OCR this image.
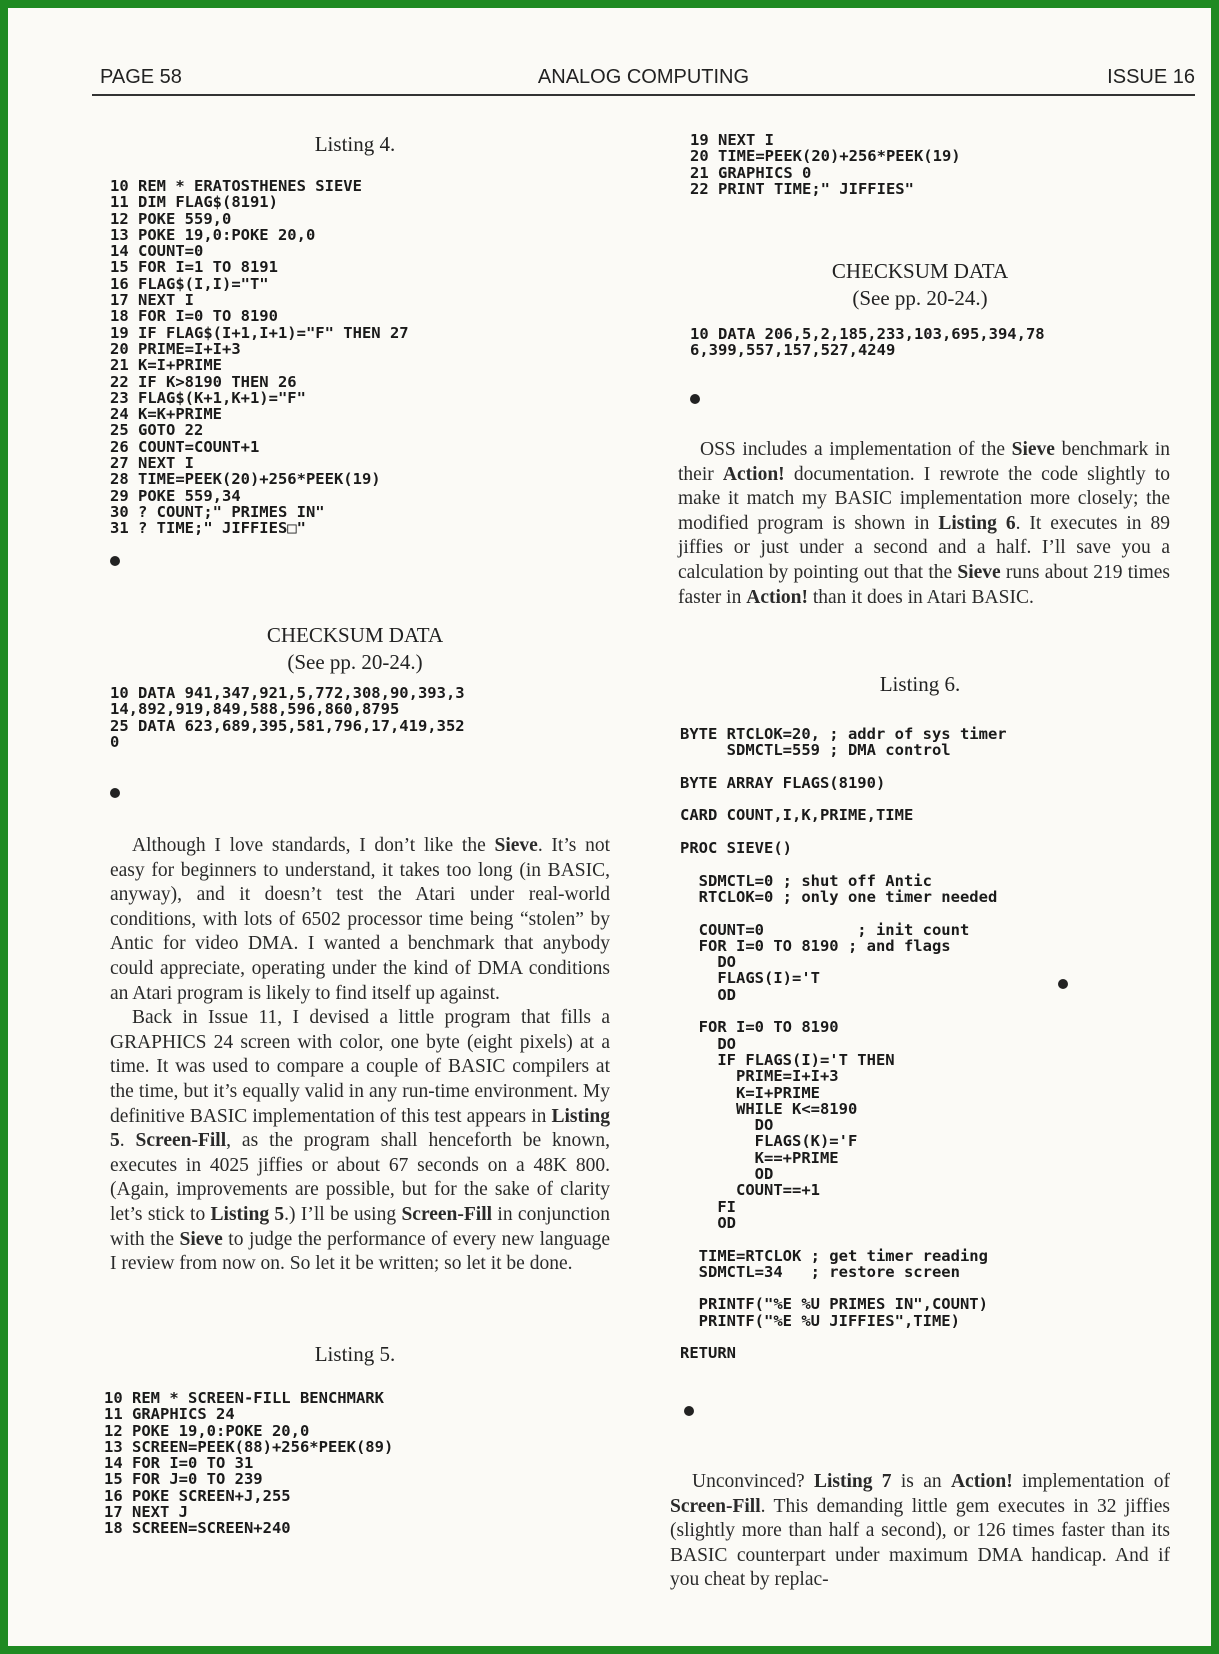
PAGE 58	ANALOG COMPUTING	ISSUE 16

Listing 4.

10 REM * ERATOSTHENES SIEVE
11 DIM FLAG$(8191)
12 POKE 559,0
13 POKE 19,0:POKE 20,0
14 COUNT=0
15 FOR I=1 TO 8191
16 FLAG$(I,I)="T"
17 NEXT I
18 FOR I=0 TO 8190
19 IF FLAG$(I+1,I+1)="F" THEN 27
20 PRIME=I+I+3
21 K=I+PRIME
22 IF K>8190 THEN 26
23 FLAG$(K+1,K+1)="F"
24 K=K+PRIME
25 GOTO 22
26 COUNT=COUNT+1
27 NEXT I
28 TIME=PEEK(20)+256*PEEK(19)
29 POKE 559,34
30 ? COUNT;" PRIMES IN"
31 ? TIME;" JIFFIES□"
CHECKSUM DATA
(See pp. 20-24.)
10 DATA 941,347,921,5,772,308,90,393,3
14,892,919,849,588,596,860,8795
25 DATA 623,689,395,581,796,17,419,352
0

Although I love standards, I don’t like the Sieve. It’s not easy for beginners to understand, it takes too long (in BASIC, anyway), and it doesn’t test the Atari under real-world conditions, with lots of 6502 processor time being “stolen” by Antic for video DMA. I wanted a benchmark that anybody could appreciate, operating under the kind of DMA conditions an Atari program is likely to find itself up against.

Back in Issue 11, I devised a little program that fills a GRAPHICS 24 screen with color, one byte (eight pixels) at a time. It was used to compare a couple of BASIC compilers at the time, but it’s equally valid in any run-time environment. My definitive BASIC implementation of this test appears in Listing 5. Screen-Fill, as the program shall henceforth be known, executes in 4025 jiffies or about 67 seconds on a 48K 800. (Again, improvements are possible, but for the sake of clarity let’s stick to Listing 5.) I’ll be using Screen-Fill in conjunction with the Sieve to judge the performance of every new language I review from now on. So let it be written; so let it be done.

Listing 5.

10 REM * SCREEN-FILL BENCHMARK
11 GRAPHICS 24
12 POKE 19,0:POKE 20,0
13 SCREEN=PEEK(88)+256*PEEK(89)
14 FOR I=0 TO 31
15 FOR J=0 TO 239
16 POKE SCREEN+J,255
17 NEXT J
18 SCREEN=SCREEN+240
19 NEXT I
20 TIME=PEEK(20)+256*PEEK(19)
21 GRAPHICS 0
22 PRINT TIME;" JIFFIES"
CHECKSUM DATA
(See pp. 20-24.)
10 DATA 206,5,2,185,233,103,695,394,78
6,399,557,157,527,4249

OSS includes a implementation of the Sieve benchmark in their Action! documentation. I rewrote the code slightly to make it match my BASIC implementation more closely; the modified program is shown in Listing 6. It executes in 89 jiffies or just under a second and a half. I’ll save you a calculation by pointing out that the Sieve runs about 219 times faster in Action! than it does in Atari BASIC.

Listing 6.

BYTE RTCLOK=20, ; addr of sys timer
SDMCTL=559 ; DMA control

BYTE ARRAY FLAGS(8190)

CARD COUNT,I,K,PRIME,TIME

PROC SIEVE()

SDMCTL=0 ; shut off Antic
RTCLOK=0 ; only one timer needed

COUNT=0          ; init count
FOR I=0 TO 8190 ; and flags
DO
FLAGS(I)='T
OD

FOR I=0 TO 8190
DO
IF FLAGS(I)='T THEN
PRIME=I+I+3
K=I+PRIME
WHILE K<=8190
DO
FLAGS(K)='F
K==+PRIME
OD
COUNT==+1
FI
OD

TIME=RTCLOK ; get timer reading
SDMCTL=34   ; restore screen

PRINTF("%E %U PRIMES IN",COUNT)
PRINTF("%E %U JIFFIES",TIME)

RETURN

Unconvinced? Listing 7 is an Action! implementation of Screen-Fill. This demanding little gem executes in 32 jiffies (slightly more than half a second), or 126 times faster than its BASIC counterpart under maximum DMA handicap. And if you cheat by replac-
